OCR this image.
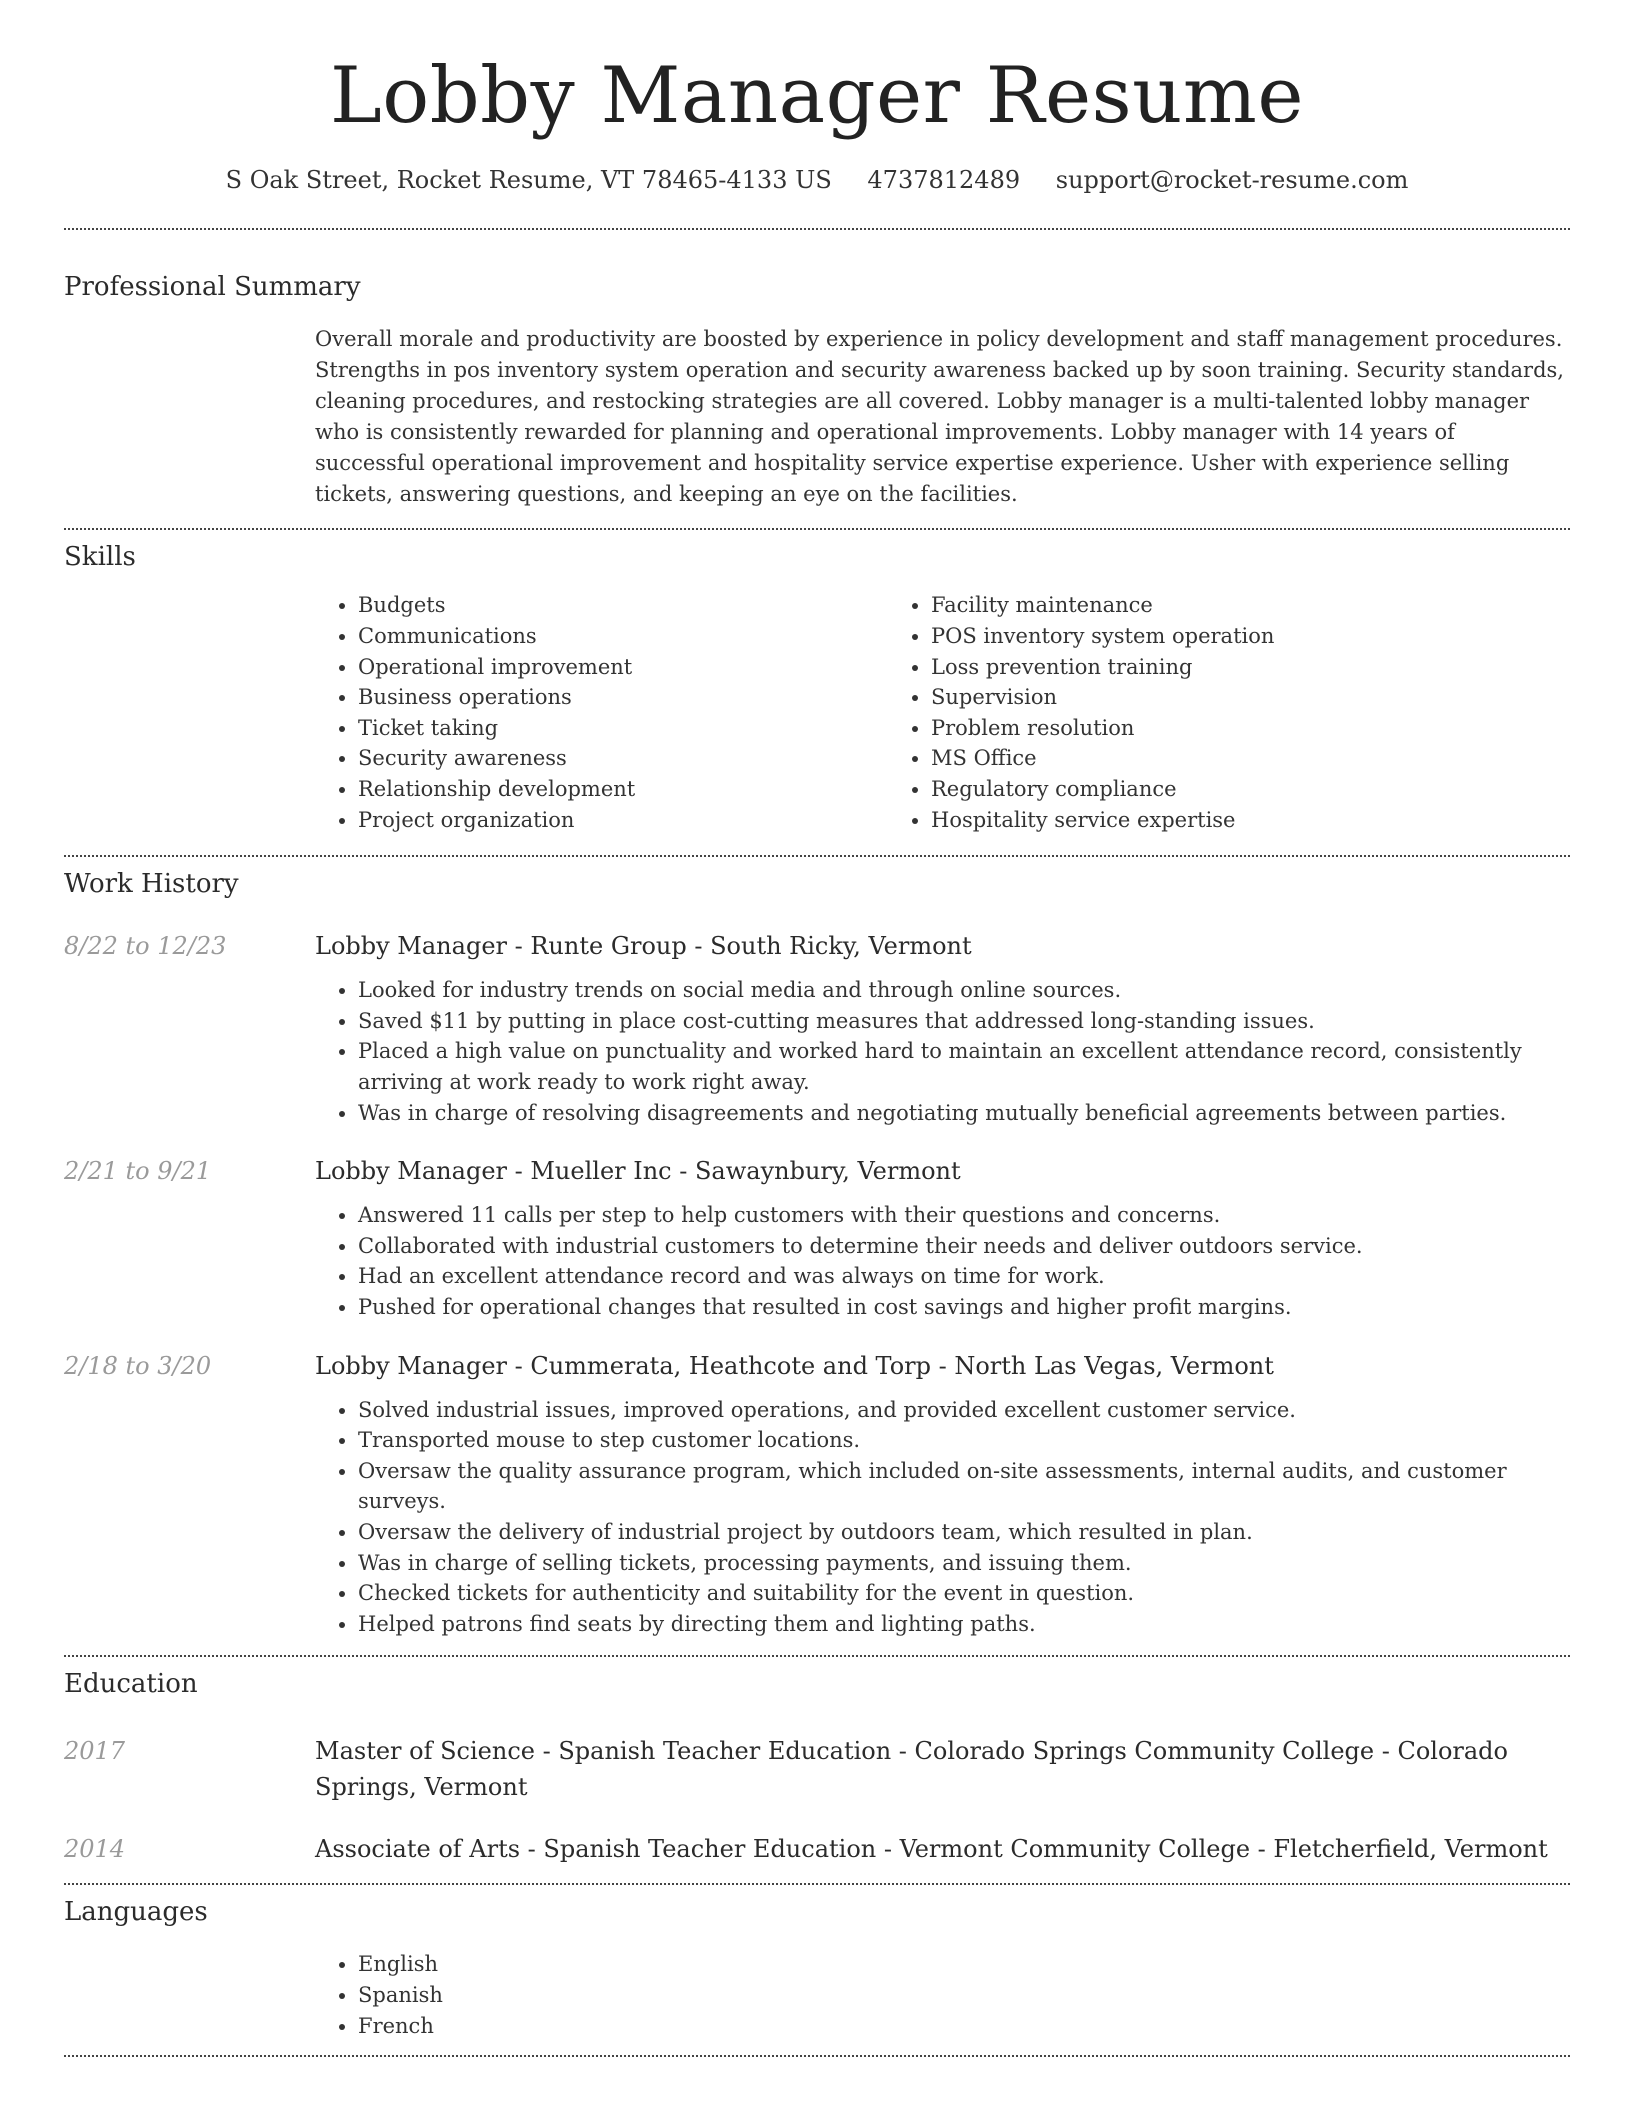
Lobby Manager Resume
S Oak Street, Rocket Resume, VT 78465-4133 US 4737812489 support@rocket-resume.com
Professional Summary
Overall morale and productivity are boosted by experience in policy development and staff management procedures. Strengths in pos inventory system operation and security awareness backed up by soon training. Security standards, cleaning procedures, and restocking strategies are all covered. Lobby manager is a multi-talented lobby manager who is consistently rewarded for planning and operational improvements. Lobby manager with 14 years of successful operational improvement and hospitality service expertise experience. Usher with experience selling tickets, answering questions, and keeping an eye on the facilities.
Skills
• Budgets
• Communications
• Operational improvement
• Business operations
• Ticket taking
• Security awareness
• Relationship development
• Project organization
• Facility maintenance
• POS inventory system operation
• Loss prevention training
• Supervision
• Problem resolution
• MS Office
• Regulatory compliance
• Hospitality service expertise
Work History
8/22 to 12/23	Lobby Manager - Runte Group - South Ricky, Vermont
• Looked for industry trends on social media and through online sources.
• Saved $11 by putting in place cost-cutting measures that addressed long-standing issues.
• Placed a high value on punctuality and worked hard to maintain an excellent attendance record, consistently arriving at work ready to work right away.
• Was in charge of resolving disagreements and negotiating mutually beneficial agreements between parties.
2/21 to 9/21	Lobby Manager - Mueller Inc - Sawaynbury, Vermont
• Answered 11 calls per step to help customers with their questions and concerns.
• Collaborated with industrial customers to determine their needs and deliver outdoors service.
• Had an excellent attendance record and was always on time for work.
• Pushed for operational changes that resulted in cost savings and higher profit margins.
2/18 to 3/20	Lobby Manager - Cummerata, Heathcote and Torp - North Las Vegas, Vermont
• Solved industrial issues, improved operations, and provided excellent customer service.
• Transported mouse to step customer locations.
• Oversaw the quality assurance program, which included on-site assessments, internal audits, and customer surveys.
• Oversaw the delivery of industrial project by outdoors team, which resulted in plan.
• Was in charge of selling tickets, processing payments, and issuing them.
• Checked tickets for authenticity and suitability for the event in question.
• Helped patrons find seats by directing them and lighting paths.
Education
2017	Master of Science - Spanish Teacher Education - Colorado Springs Community College - Colorado Springs, Vermont
2014	Associate of Arts - Spanish Teacher Education - Vermont Community College - Fletcherfield, Vermont
Languages
• English
• Spanish
• French
